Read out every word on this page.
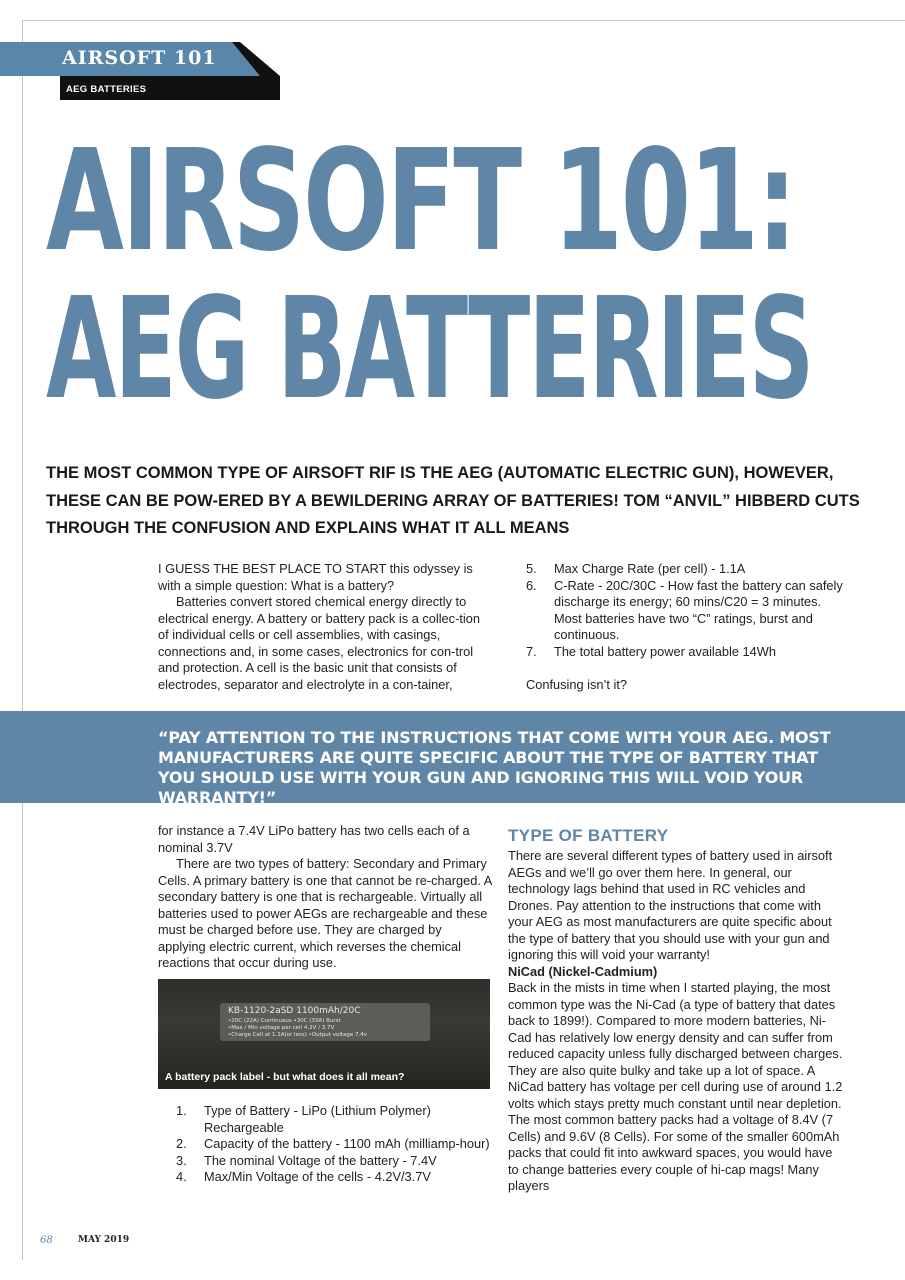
AIRSOFT 101
AEG BATTERIES
AIRSOFT 101:
AEG BATTERIES
THE MOST COMMON TYPE OF AIRSOFT RIF IS THE AEG (AUTOMATIC ELECTRIC GUN), HOWEVER, THESE CAN BE POW-ERED BY A BEWILDERING ARRAY OF BATTERIES! TOM “ANVIL” HIBBERD CUTS THROUGH THE CONFUSION AND EXPLAINS WHAT IT ALL MEANS

I GUESS THE BEST PLACE TO START this odyssey is with a simple question: What is a battery?

Batteries convert stored chemical energy directly to electrical energy. A battery or battery pack is a collec-tion of individual cells or cell assemblies, with casings, connections and, in some cases, electronics for con-trol and protection. A cell is the basic unit that consists of electrodes, separator and electrolyte in a con-tainer,

5.	Max Charge Rate (per cell) - 1.1A
6.	C-Rate - 20C/30C - How fast the battery can safely discharge its energy; 60 mins/C20 = 3 minutes. Most batteries have two “C” ratings, burst and continuous.
7.	The total battery power available 14Wh

Confusing isn’t it?

“PAY ATTENTION TO THE INSTRUCTIONS THAT COME WITH YOUR AEG. MOST MANUFACTURERS ARE QUITE SPECIFIC ABOUT THE TYPE OF BATTERY THAT YOU SHOULD USE WITH YOUR GUN AND IGNORING THIS WILL VOID YOUR WARRANTY!”

for instance a 7.4V LiPo battery has two cells each of a nominal 3.7V

There are two types of battery: Secondary and Primary Cells. A primary battery is one that cannot be re-charged. A secondary battery is one that is rechargeable. Virtually all batteries used to power AEGs are rechargeable and these must be charged before use. They are charged by applying electric current, which reverses the chemical reactions that occur during use.

KB-1120-2aSD 1100mAh/20C
•20C (22A) Continuous •30C (33A) Burst
•Max / Min voltage per cell 4.2V / 3.7V
•Charge Cell at 1.1A(or less) •Output voltage 7.4v
A battery pack label - but what does it all mean?
1.	Type of Battery - LiPo (Lithium Polymer) Rechargeable
2.	Capacity of the battery - 1100 mAh (milliamp-hour)
3.	The nominal Voltage of the battery - 7.4V
4.	Max/Min Voltage of the cells - 4.2V/3.7V
TYPE OF BATTERY

There are several different types of battery used in airsoft AEGs and we’ll go over them here. In general, our technology lags behind that used in RC vehicles and Drones. Pay attention to the instructions that come with your AEG as most manufacturers are quite specific about the type of battery that you should use with your gun and ignoring this will void your warranty!

NiCad (Nickel-Cadmium)

Back in the mists in time when I started playing, the most common type was the Ni-Cad (a type of battery that dates back to 1899!). Compared to more modern batteries, Ni-Cad has relatively low energy density and can suffer from reduced capacity unless fully discharged between charges. They are also quite bulky and take up a lot of space. A NiCad battery has voltage per cell during use of around 1.2 volts which stays pretty much constant until near depletion. The most common battery packs had a voltage of 8.4V (7 Cells) and 9.6V (8 Cells). For some of the smaller 600mAh packs that could fit into awkward spaces, you would have to change batteries every couple of hi-cap mags! Many players

68	MAY 2019
